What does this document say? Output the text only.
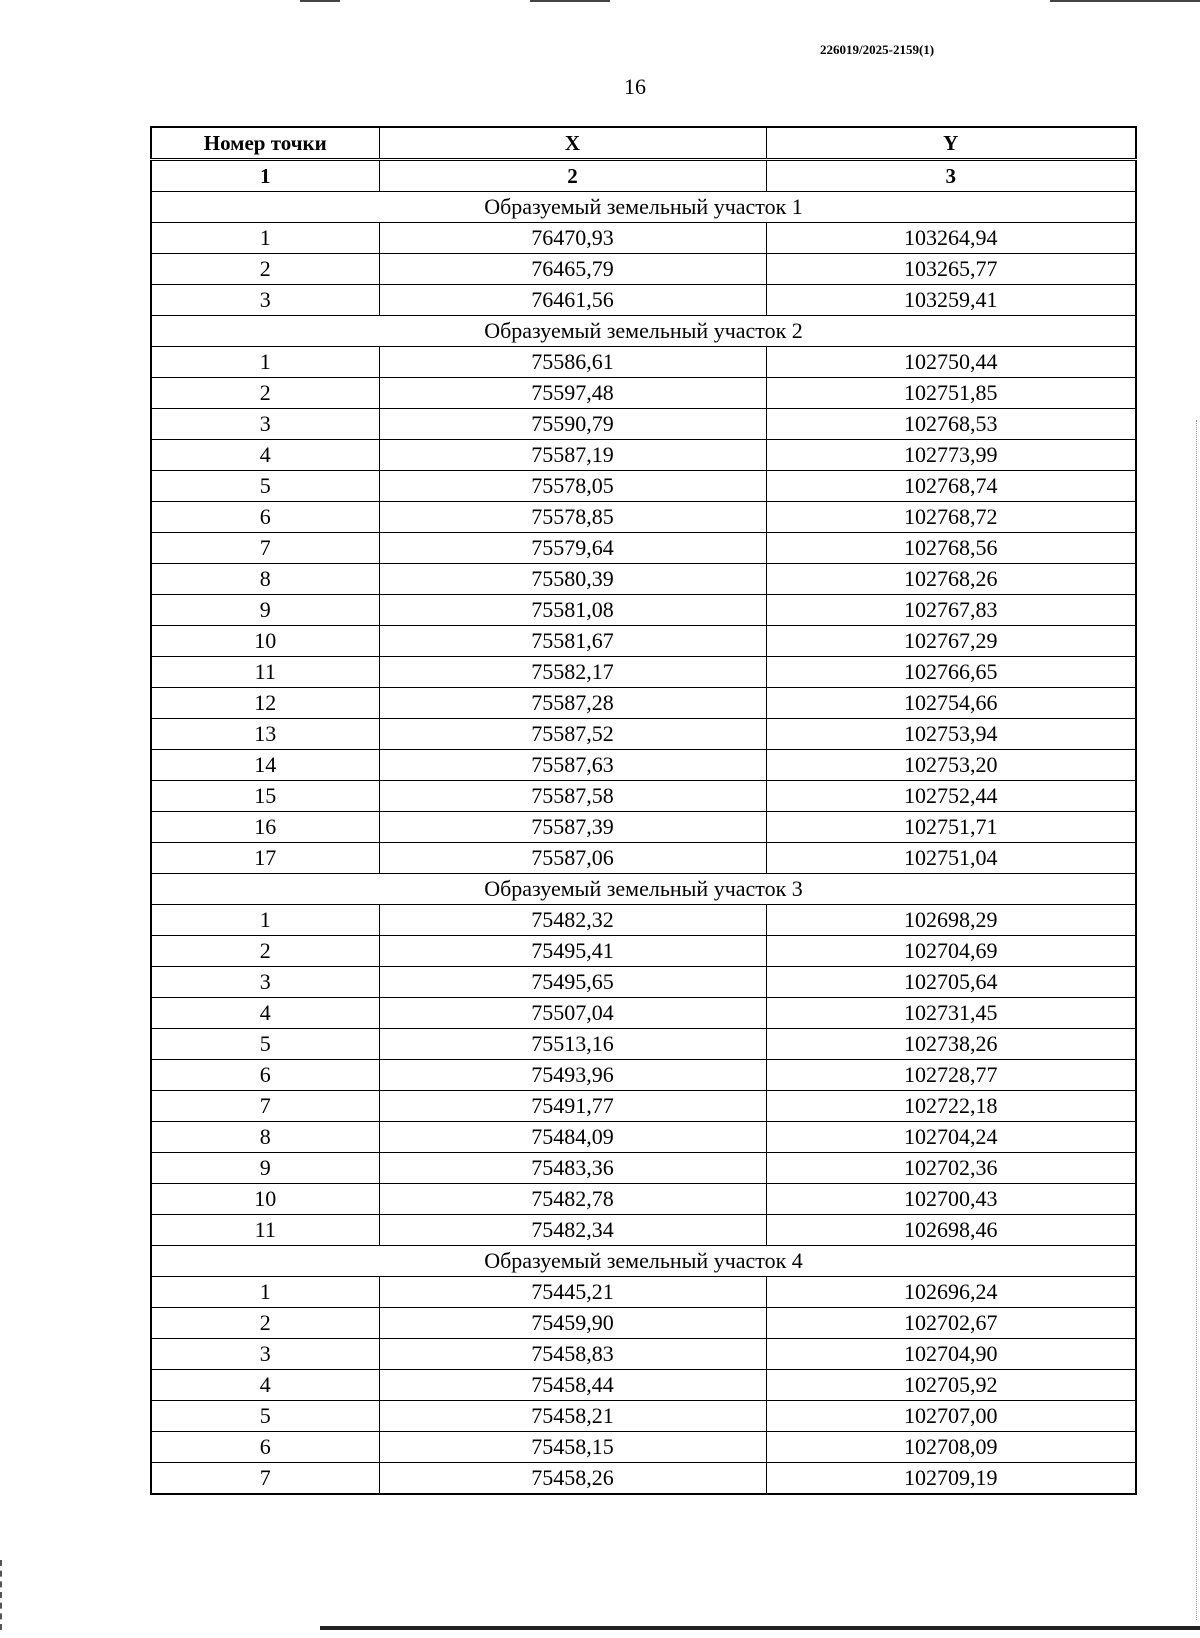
226019/2025-2159(1)
16
Номер точки	X	Y
1	2	3
Образуемый земельный участок 1		
1	76470,93	103264,94
2	76465,79	103265,77
3	76461,56	103259,41
Образуемый земельный участок 2		
1	75586,61	102750,44
2	75597,48	102751,85
3	75590,79	102768,53
4	75587,19	102773,99
5	75578,05	102768,74
6	75578,85	102768,72
7	75579,64	102768,56
8	75580,39	102768,26
9	75581,08	102767,83
10	75581,67	102767,29
11	75582,17	102766,65
12	75587,28	102754,66
13	75587,52	102753,94
14	75587,63	102753,20
15	75587,58	102752,44
16	75587,39	102751,71
17	75587,06	102751,04
Образуемый земельный участок 3		
1	75482,32	102698,29
2	75495,41	102704,69
3	75495,65	102705,64
4	75507,04	102731,45
5	75513,16	102738,26
6	75493,96	102728,77
7	75491,77	102722,18
8	75484,09	102704,24
9	75483,36	102702,36
10	75482,78	102700,43
11	75482,34	102698,46
Образуемый земельный участок 4		
1	75445,21	102696,24
2	75459,90	102702,67
3	75458,83	102704,90
4	75458,44	102705,92
5	75458,21	102707,00
6	75458,15	102708,09
7	75458,26	102709,19
